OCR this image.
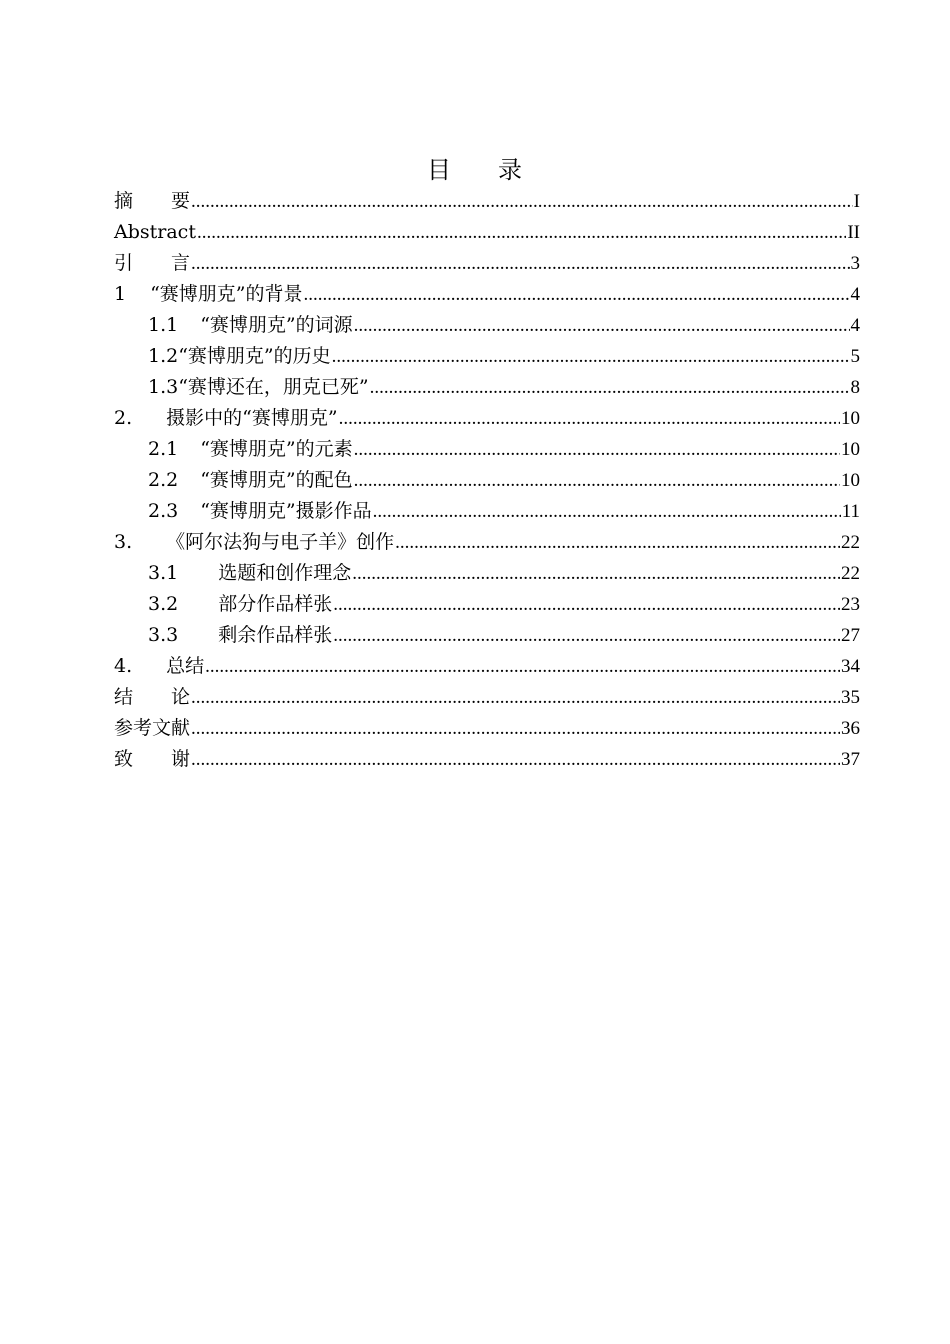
目 录
摘要 .....	I
Abstract .....	II
引言 .....	3
1 “赛博朋克”的背景 .....	4
1.1 “赛博朋克”的词源 .....	4
1.2“赛博朋克”的历史 .....	5
1.3“赛博还在，朋克已死” .....	8
2. 摄影中的“赛博朋克” .....	10
2.1 “赛博朋克”的元素 .....	10
2.2 “赛博朋克”的配色 .....	10
2.3 “赛博朋克”摄影作品 .....	11
3. 《阿尔法狗与电子羊》创作 .....	22
3.1 选题和创作理念 .....	22
3.2 部分作品样张 .....	23
3.3 剩余作品样张 .....	27
4. 总结 .....	34
结论 .....	35
参考文献 .....	36
致谢 .....	37
